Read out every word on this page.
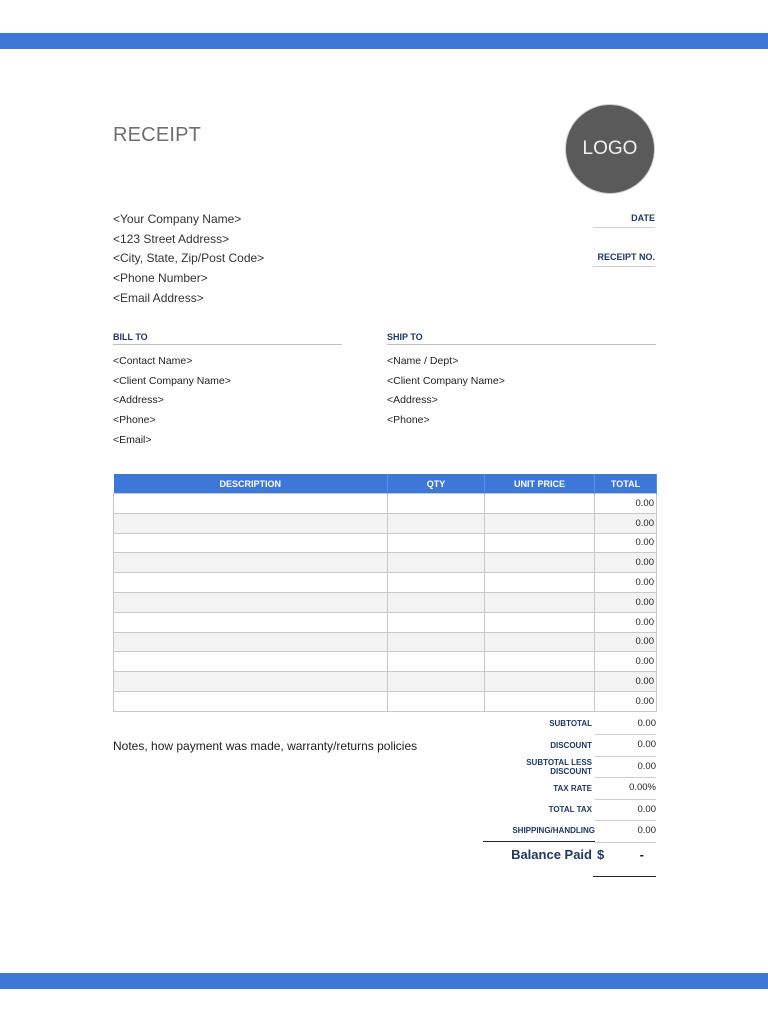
RECEIPT
LOGO
<Your Company Name>
<123 Street Address>
<City, State, Zip/Post Code>
<Phone Number>
<Email Address>
DATE
RECEIPT NO.
BILL TO
<Contact Name>
<Client Company Name>
<Address>
<Phone>
<Email>
SHIP TO
<Name / Dept>
<Client Company Name>
<Address>
<Phone>
DESCRIPTION	QTY	UNIT PRICE	TOTAL
			0.00
			0.00
			0.00
			0.00
			0.00
			0.00
			0.00
			0.00
			0.00
			0.00
			0.00
Notes, how payment was made, warranty/returns policies
SUBTOTAL	0.00
DISCOUNT	0.00
SUBTOTAL LESS DISCOUNT	0.00
TAX RATE	0.00%
TOTAL TAX	0.00
SHIPPING/HANDLING	0.00
Balance Paid $	-
